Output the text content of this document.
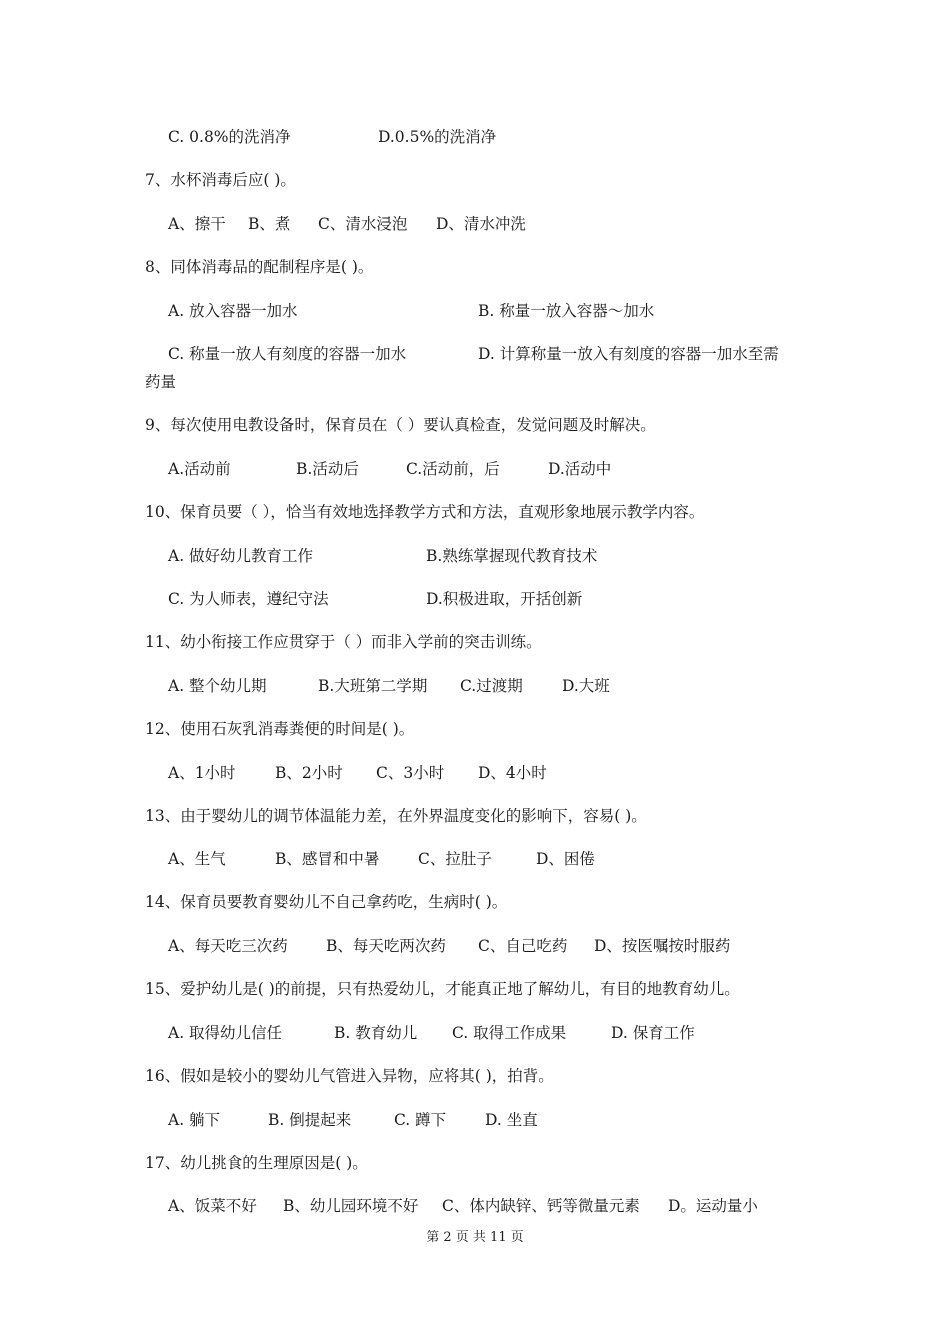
C. 0.8%的洗消净	D.0.5%的洗消净
7、水杯消毒后应( )。
A、擦干 B、煮 C、清水浸泡 D、清水冲洗
8、同体消毒品的配制程序是( )。
A. 放入容器一加水	B. 称量一放入容器～加水
C. 称量一放人有刻度的容器一加水	D. 计算称量一放入有刻度的容器一加水至需
药量
9、每次使用电教设备时，保育员在（ ）要认真检查，发觉问题及时解决。
A.活动前	B.活动后	C.活动前，后	D.活动中
10、保育员要（ ），恰当有效地选择教学方式和方法，直观形象地展示教学内容。
A. 做好幼儿教育工作	B.熟练掌握现代教育技术
C. 为人师表，遵纪守法	D.积极进取，开括创新
11、幼小衔接工作应贯穿于（ ）而非入学前的突击训练。
A. 整个幼儿期	B.大班第二学期 C.过渡期	D.大班
12、使用石灰乳消毒粪便的时间是( )。
A、1小时	B、2小时 C、3小时 D、4小时
13、由于婴幼儿的调节体温能力差，在外界温度变化的影响下，容易( )。
A、生气	B、感冒和中暑 C、拉肚子	D、困倦
14、保育员要教育婴幼儿不自己拿药吃，生病时( )。
A、每天吃三次药 B、每天吃两次药 C、自己吃药 D、按医嘱按时服药
15、爱护幼儿是( )的前提，只有热爱幼儿，才能真正地了解幼儿，有目的地教育幼儿。
A. 取得幼儿信任	B. 教育幼儿 C. 取得工作成果	D. 保育工作
16、假如是较小的婴幼儿气管进入异物，应将其( )，拍背。
A. 躺下	B. 倒提起来	C. 蹲下	D. 坐直
17、幼儿挑食的生理原因是( )。
A、饭菜不好 B、幼儿园环境不好 C、体内缺锌、钙等微量元素 D。运动量小
第 2 页 共 11 页
